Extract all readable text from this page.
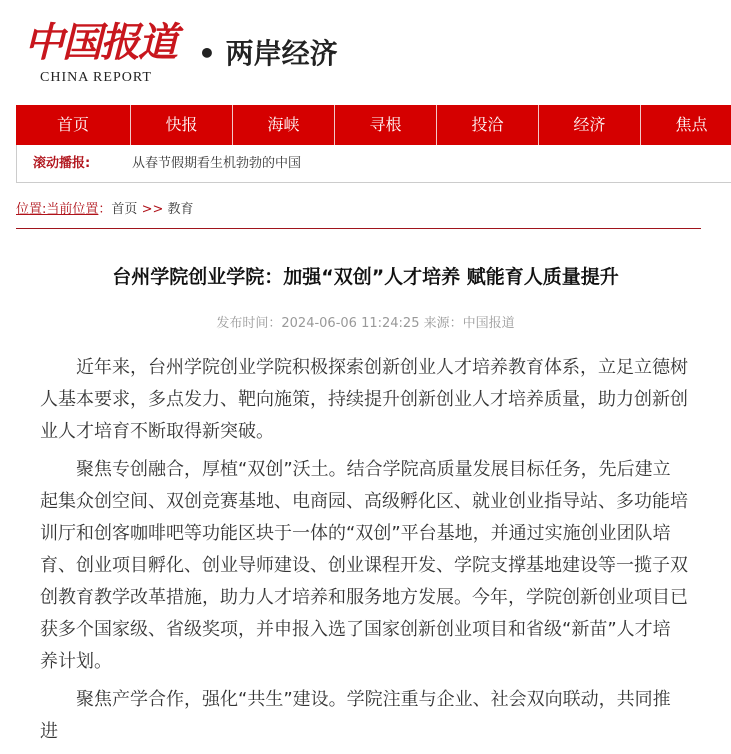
中国报道
CHINA REPORT
• 两岸经济
首页	快报	海峡	寻根	投洽	经济	焦点
滚动播报:	从春节假期看生机勃勃的中国
位置:当前位置：首页 >> 教育
台州学院创业学院：加强“双创”人才培养 赋能育人质量提升
发布时间：2024-06-06 11:24:25 来源：中国报道

近年来，台州学院创业学院积极探索创新创业人才培养教育体系，立足立德树人基本要求，多点发力、靶向施策，持续提升创新创业人才培养质量，助力创新创业人才培育不断取得新突破。

聚焦专创融合，厚植“双创”沃土。结合学院高质量发展目标任务，先后建立起集众创空间、双创竞赛基地、电商园、高级孵化区、就业创业指导站、多功能培训厅和创客咖啡吧等功能区块于一体的“双创”平台基地，并通过实施创业团队培育、创业项目孵化、创业导师建设、创业课程开发、学院支撑基地建设等一揽子双创教育教学改革措施，助力人才培养和服务地方发展。今年，学院创新创业项目已获多个国家级、省级奖项，并申报入选了国家创新创业项目和省级“新苗”人才培养计划。

聚焦产学合作，强化“共生”建设。学院注重与企业、社会双向联动，共同推进
